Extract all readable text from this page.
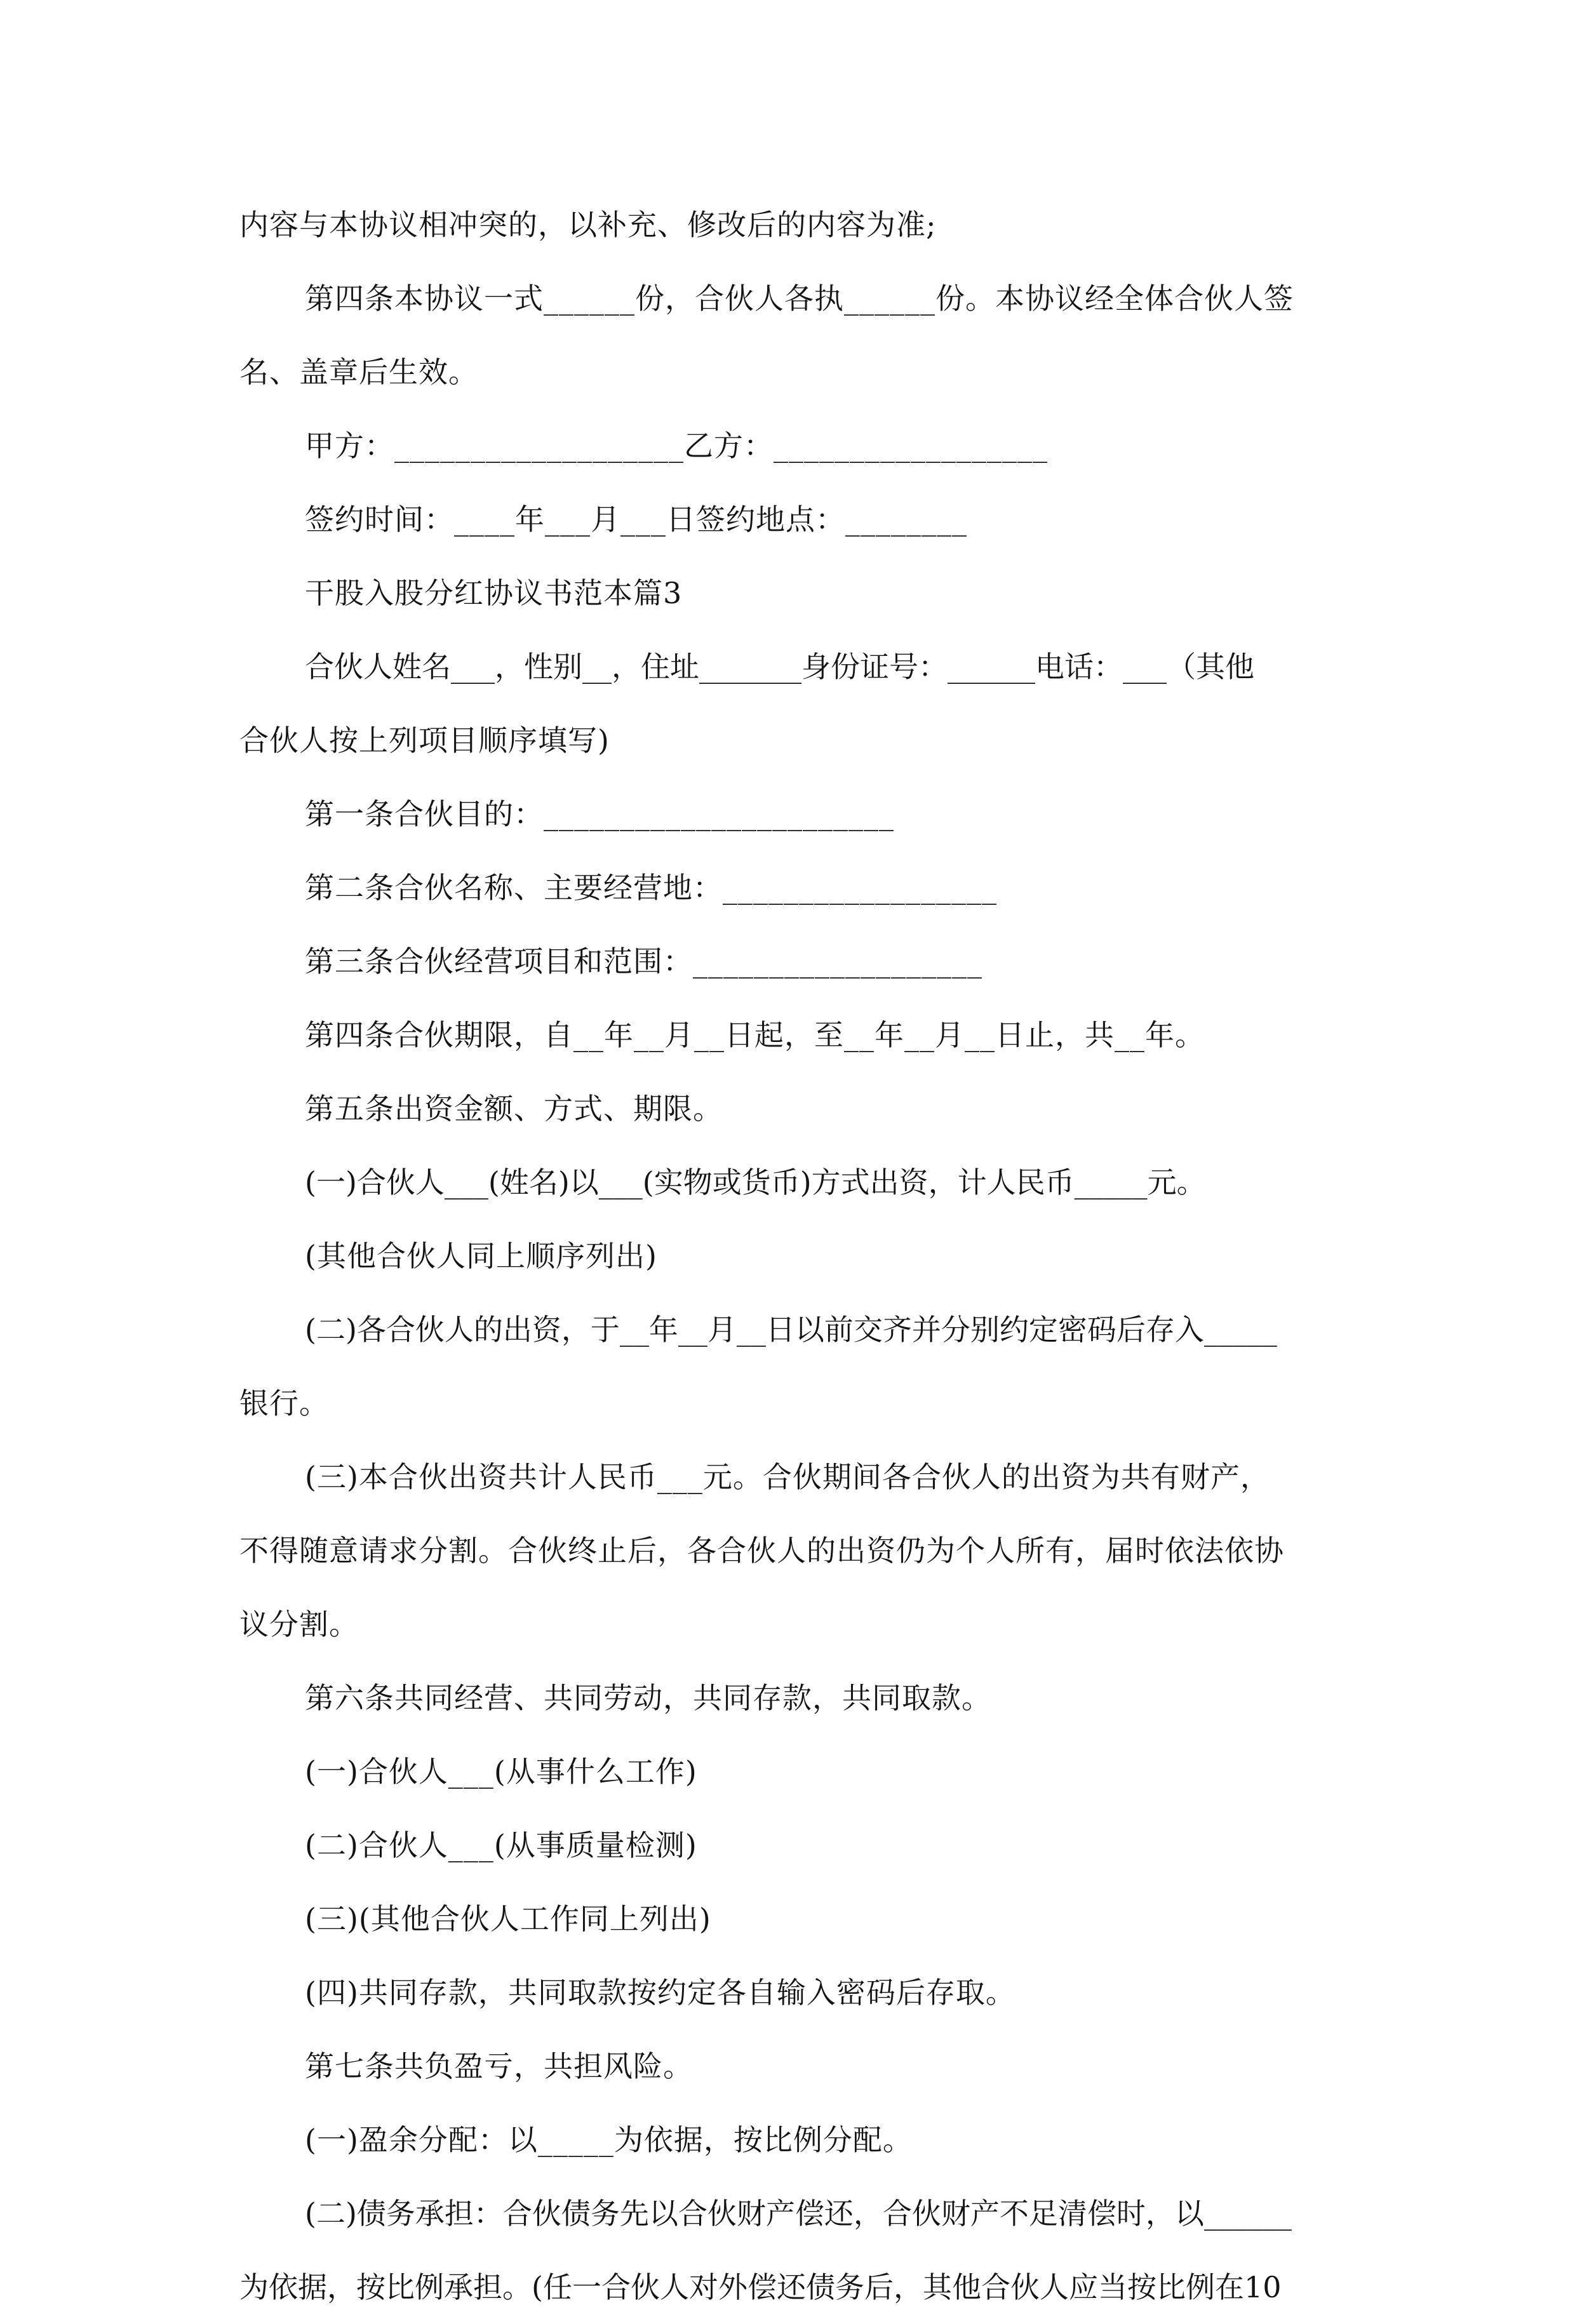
内容与本协议相冲突的，以补充、修改后的内容为准;
第四条本协议一式______份，合伙人各执______份。本协议经全体合伙人签
名、盖章后生效。
甲方：___________________乙方：__________________
签约时间：____年___月___日签约地点：________
干股入股分红协议书范本篇3
合伙人姓名___，性别__，住址_______身份证号：______电话：___（其他
合伙人按上列项目顺序填写)
第一条合伙目的：_______________________
第二条合伙名称、主要经营地：__________________
第三条合伙经营项目和范围：___________________
第四条合伙期限，自__年__月__日起，至__年__月__日止，共__年。
第五条出资金额、方式、期限。
(一)合伙人___(姓名)以___(实物或货币)方式出资，计人民币_____元。
(其他合伙人同上顺序列出)
(二)各合伙人的出资，于__年__月__日以前交齐并分别约定密码后存入_____
银行。
(三)本合伙出资共计人民币___元。合伙期间各合伙人的出资为共有财产，
不得随意请求分割。合伙终止后，各合伙人的出资仍为个人所有，届时依法依协
议分割。
第六条共同经营、共同劳动，共同存款，共同取款。
(一)合伙人___(从事什么工作)
(二)合伙人___(从事质量检测)
(三)(其他合伙人工作同上列出)
(四)共同存款，共同取款按约定各自输入密码后存取。
第七条共负盈亏，共担风险。
(一)盈余分配：以_____为依据，按比例分配。
(二)债务承担：合伙债务先以合伙财产偿还，合伙财产不足清偿时，以______
为依据，按比例承担。(任一合伙人对外偿还债务后，其他合伙人应当按比例在10
